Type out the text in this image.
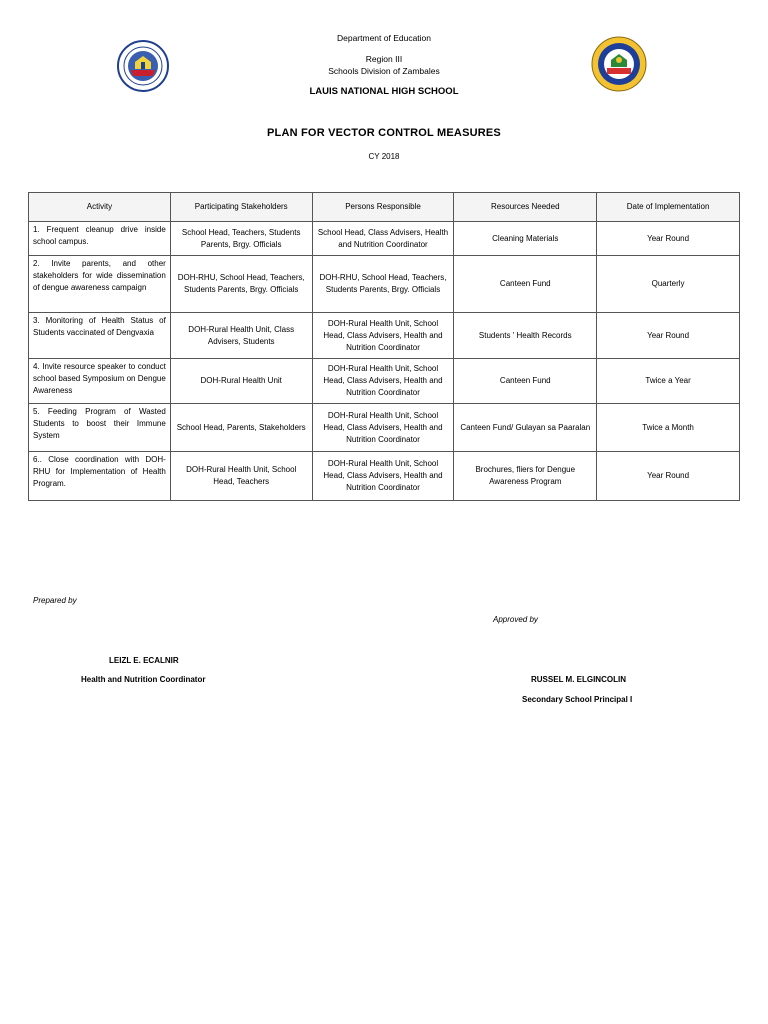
Department of Education
Region III
Schools Division of Zambales
LAUIS NATIONAL HIGH SCHOOL
PLAN FOR VECTOR CONTROL MEASURES
CY 2018
Activity	Participating Stakeholders	Persons Responsible	Resources Needed	Date of Implementation
1. Frequent cleanup drive inside school campus.	School Head, Teachers, Students Parents, Brgy. Officials	School Head, Class Advisers, Health and Nutrition Coordinator	Cleaning Materials	Year Round
2. Invite parents, and other stakeholders for wide dissemination of dengue awareness campaign	DOH-RHU, School Head, Teachers, Students Parents, Brgy. Officials	DOH-RHU, School Head, Teachers, Students Parents, Brgy. Officials	Canteen Fund	Quarterly
3. Monitoring of Health Status of Students vaccinated of Dengvaxia	DOH-Rural Health Unit, Class Advisers, Students	DOH-Rural Health Unit, School Head, Class Advisers, Health and Nutrition Coordinator	Students ' Health Records	Year Round
4. Invite resource speaker to conduct school based Symposium on Dengue Awareness	DOH-Rural Health Unit	DOH-Rural Health Unit, School Head, Class Advisers, Health and Nutrition Coordinator	Canteen Fund	Twice a Year
5. Feeding Program of Wasted Students to boost their Immune System	School Head, Parents, Stakeholders	DOH-Rural Health Unit, School Head, Class Advisers, Health and Nutrition Coordinator	Canteen Fund/ Gulayan sa Paaralan	Twice a Month
6.. Close coordination with DOH-RHU for Implementation of Health Program.	DOH-Rural Health Unit, School Head, Teachers	DOH-Rural Health Unit, School Head, Class Advisers, Health and Nutrition Coordinator	Brochures, fliers for Dengue Awareness Program	Year Round
Prepared by
Approved by
LEIZL E. ECALNIR
Health and Nutrition Coordinator	RUSSEL M. ELGINCOLIN
Secondary School Principal I
